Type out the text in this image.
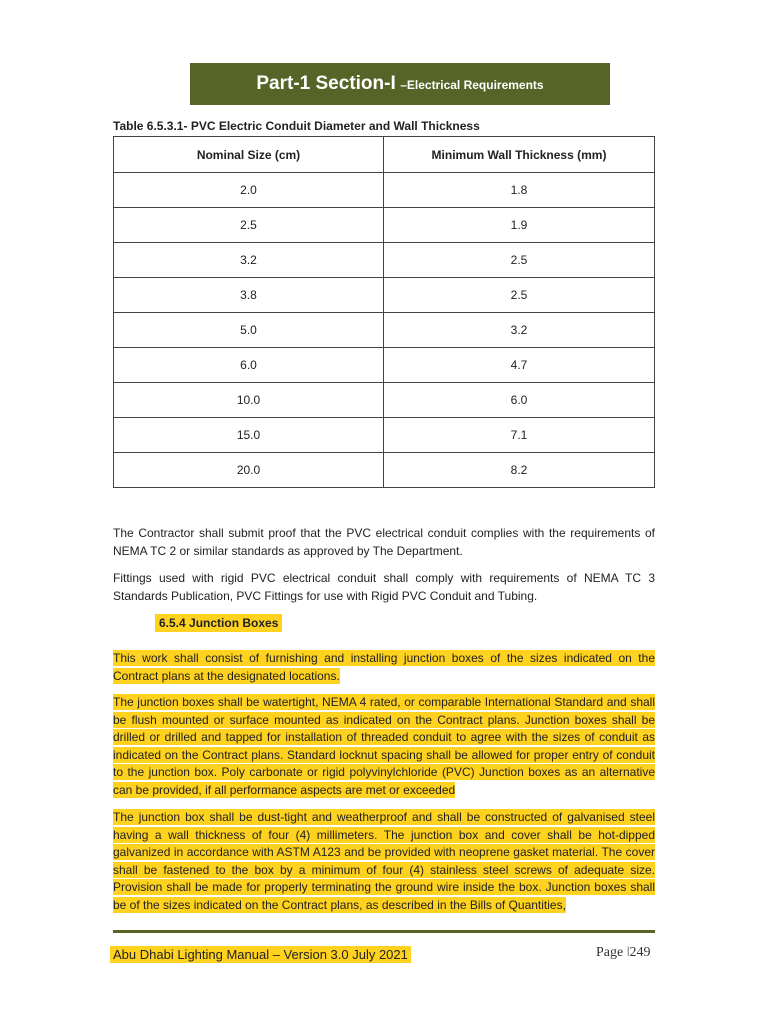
Part-1 Section-I –Electrical Requirements
Table 6.5.3.1- PVC Electric Conduit Diameter and Wall Thickness
Nominal Size (cm)	Minimum Wall Thickness (mm)
2.0	1.8
2.5	1.9
3.2	2.5
3.8	2.5
5.0	3.2
6.0	4.7
10.0	6.0
15.0	7.1
20.0	8.2
The Contractor shall submit proof that the PVC electrical conduit complies with the requirements of NEMA TC 2 or similar standards as approved by The Department.
Fittings used with rigid PVC electrical conduit shall comply with requirements of NEMA TC 3 Standards Publication, PVC Fittings for use with Rigid PVC Conduit and Tubing.
6.5.4 Junction Boxes
This work shall consist of furnishing and installing junction boxes of the sizes indicated on the Contract plans at the designated locations.
The junction boxes shall be watertight, NEMA 4 rated, or comparable International Standard and shall be flush mounted or surface mounted as indicated on the Contract plans. Junction boxes shall be drilled or drilled and tapped for installation of threaded conduit to agree with the sizes of conduit as indicated on the Contract plans. Standard locknut spacing shall be allowed for proper entry of conduit to the junction box. Poly carbonate or rigid polyvinylchloride (PVC) Junction boxes as an alternative can be provided, if all performance aspects are met or exceeded
The junction box shall be dust-tight and weatherproof and shall be constructed of galvanised steel having a wall thickness of four (4) millimeters. The junction box and cover shall be hot-dipped galvanized in accordance with ASTM A123 and be provided with neoprene gasket material. The cover shall be fastened to the box by a minimum of four (4) stainless steel screws of adequate size. Provision shall be made for properly terminating the ground wire inside the box. Junction boxes shall be of the sizes indicated on the Contract plans, as described in the Bills of Quantities,
Abu Dhabi Lighting Manual – Version 3.0 July 2021	Page ǀ249
